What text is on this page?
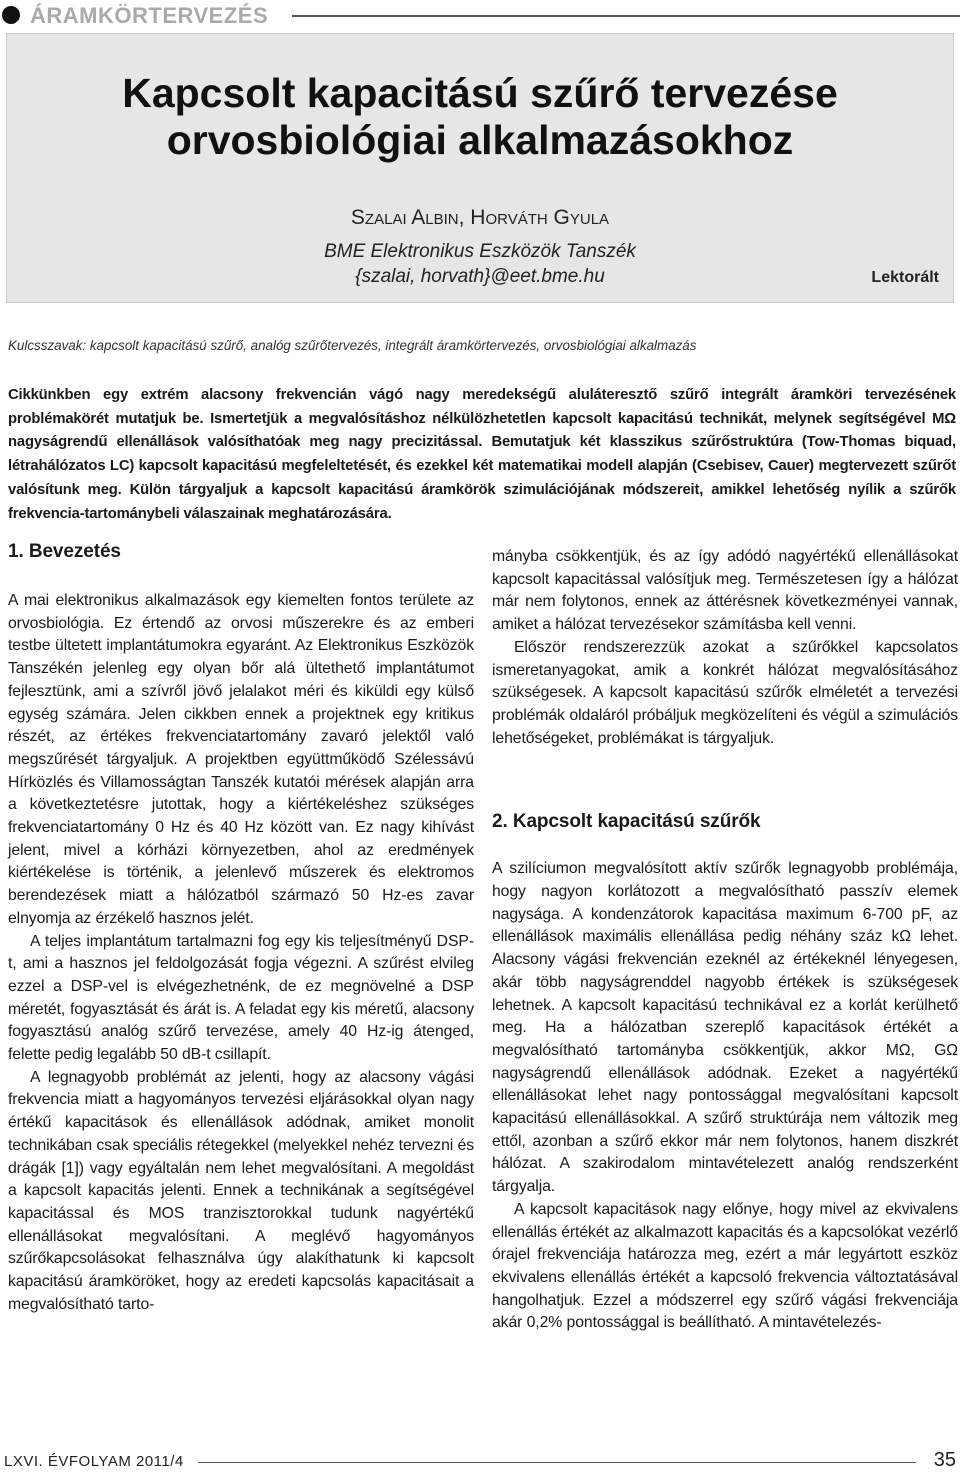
ÁRAMKÖRTERVEZÉS
Kapcsolt kapacitású szűrő tervezése
orvosbiológiai alkalmazásokhoz
Szalai Albin, Horváth Gyula
BME Elektronikus Eszközök Tanszék
{szalai, horvath}@eet.bme.hu	Lektorált
Kulcsszavak: kapcsolt kapacitású szűrő, analóg szűrőtervezés, integrált áramkörtervezés, orvosbiológiai alkalmazás
Cikkünkben egy extrém alacsony frekvencián vágó nagy meredekségű aluláteresztő szűrő integrált áramköri tervezésének problémakörét mutatjuk be. Ismertetjük a megvalósításhoz nélkülözhetetlen kapcsolt kapacitású technikát, melynek segítségével MΩ nagyságrendű ellenállások valósíthatóak meg nagy precizitással. Bemutatjuk két klasszikus szűrőstruktúra (Tow-Thomas biquad, létrahálózatos LC) kapcsolt kapacitású megfeleltetését, és ezekkel két matematikai modell alapján (Csebisev, Cauer) megtervezett szűrőt valósítunk meg. Külön tárgyaljuk a kapcsolt kapacitású áramkörök szimulációjának módszereit, amikkel lehetőség nyílik a szűrők frekvencia-tartománybeli válaszainak meghatározására.
1. Bevezetés

A mai elektronikus alkalmazások egy kiemelten fontos területe az orvosbiológia. Ez értendő az orvosi műszerekre és az emberi testbe ültetett implantátumokra egyaránt. Az Elektronikus Eszközök Tanszékén jelenleg egy olyan bőr alá ültethető implantátumot fejlesztünk, ami a szívről jövő jelalakot méri és kiküldi egy külső egység számára. Jelen cikkben ennek a projektnek egy kritikus részét, az értékes frekvenciatartomány zavaró jelektől való megszűrését tárgyaljuk. A projektben együttműködő Szélessávú Hírközlés és Villamosságtan Tanszék kutatói mérések alapján arra a következtetésre jutottak, hogy a kiértékeléshez szükséges frekvenciatartomány 0 Hz és 40 Hz között van. Ez nagy kihívást jelent, mivel a kórházi környezetben, ahol az eredmények kiértékelése is történik, a jelenlevő műszerek és elektromos berendezések miatt a hálózatból származó 50 Hz-es zavar elnyomja az érzékelő hasznos jelét.

A teljes implantátum tartalmazni fog egy kis teljesítményű DSP-t, ami a hasznos jel feldolgozását fogja végezni. A szűrést elvileg ezzel a DSP-vel is elvégezhetnénk, de ez megnövelné a DSP méretét, fogyasztását és árát is. A feladat egy kis méretű, alacsony fogyasztású analóg szűrő tervezése, amely 40 Hz-ig átenged, felette pedig legalább 50 dB-t csillapít.

A legnagyobb problémát az jelenti, hogy az alacsony vágási frekvencia miatt a hagyományos tervezési eljárásokkal olyan nagy értékű kapacitások és ellenállások adódnak, amiket monolit technikában csak speciális rétegekkel (melyekkel nehéz tervezni és drágák [1]) vagy egyáltalán nem lehet megvalósítani. A megoldást a kapcsolt kapacitás jelenti. Ennek a technikának a segítségével kapacitással és MOS tranzisztorokkal tudunk nagyértékű ellenállásokat megvalósítani. A meglévő hagyományos szűrőkapcsolásokat felhasználva úgy alakíthatunk ki kapcsolt kapacitású áramköröket, hogy az eredeti kapcsolás kapacitásait a megvalósítható tarto-

mányba csökkentjük, és az így adódó nagyértékű ellenállásokat kapcsolt kapacitással valósítjuk meg. Természetesen így a hálózat már nem folytonos, ennek az áttérésnek következményei vannak, amiket a hálózat tervezésekor számításba kell venni.

Először rendszerezzük azokat a szűrőkkel kapcsolatos ismeretanyagokat, amik a konkrét hálózat megvalósításához szükségesek. A kapcsolt kapacitású szűrők elméletét a tervezési problémák oldaláról próbáljuk megközelíteni és végül a szimulációs lehetőségeket, problémákat is tárgyaljuk.

2. Kapcsolt kapacitású szűrők

A szilíciumon megvalósított aktív szűrők legnagyobb problémája, hogy nagyon korlátozott a megvalósítható passzív elemek nagysága. A kondenzátorok kapacitása maximum 6-700 pF, az ellenállások maximális ellenállása pedig néhány száz kΩ lehet. Alacsony vágási frekvencián ezeknél az értékeknél lényegesen, akár több nagyságrenddel nagyobb értékek is szükségesek lehetnek. A kapcsolt kapacitású technikával ez a korlát kerülhető meg. Ha a hálózatban szereplő kapacitások értékét a megvalósítható tartományba csökkentjük, akkor MΩ, GΩ nagyságrendű ellenállások adódnak. Ezeket a nagyértékű ellenállásokat lehet nagy pontossággal megvalósítani kapcsolt kapacitású ellenállásokkal. A szűrő struktúrája nem változik meg ettől, azonban a szűrő ekkor már nem folytonos, hanem diszkrét hálózat. A szakirodalom mintavételezett analóg rendszerként tárgyalja.

A kapcsolt kapacitások nagy előnye, hogy mivel az ekvivalens ellenállás értékét az alkalmazott kapacitás és a kapcsolókat vezérlő órajel frekvenciája határozza meg, ezért a már legyártott eszköz ekvivalens ellenállás értékét a kapcsoló frekvencia változtatásával hangolhatjuk. Ezzel a módszerrel egy szűrő vágási frekvenciája akár 0,2% pontossággal is beállítható. A mintavételezés-

LXVI. ÉVFOLYAM 2011/4	35
